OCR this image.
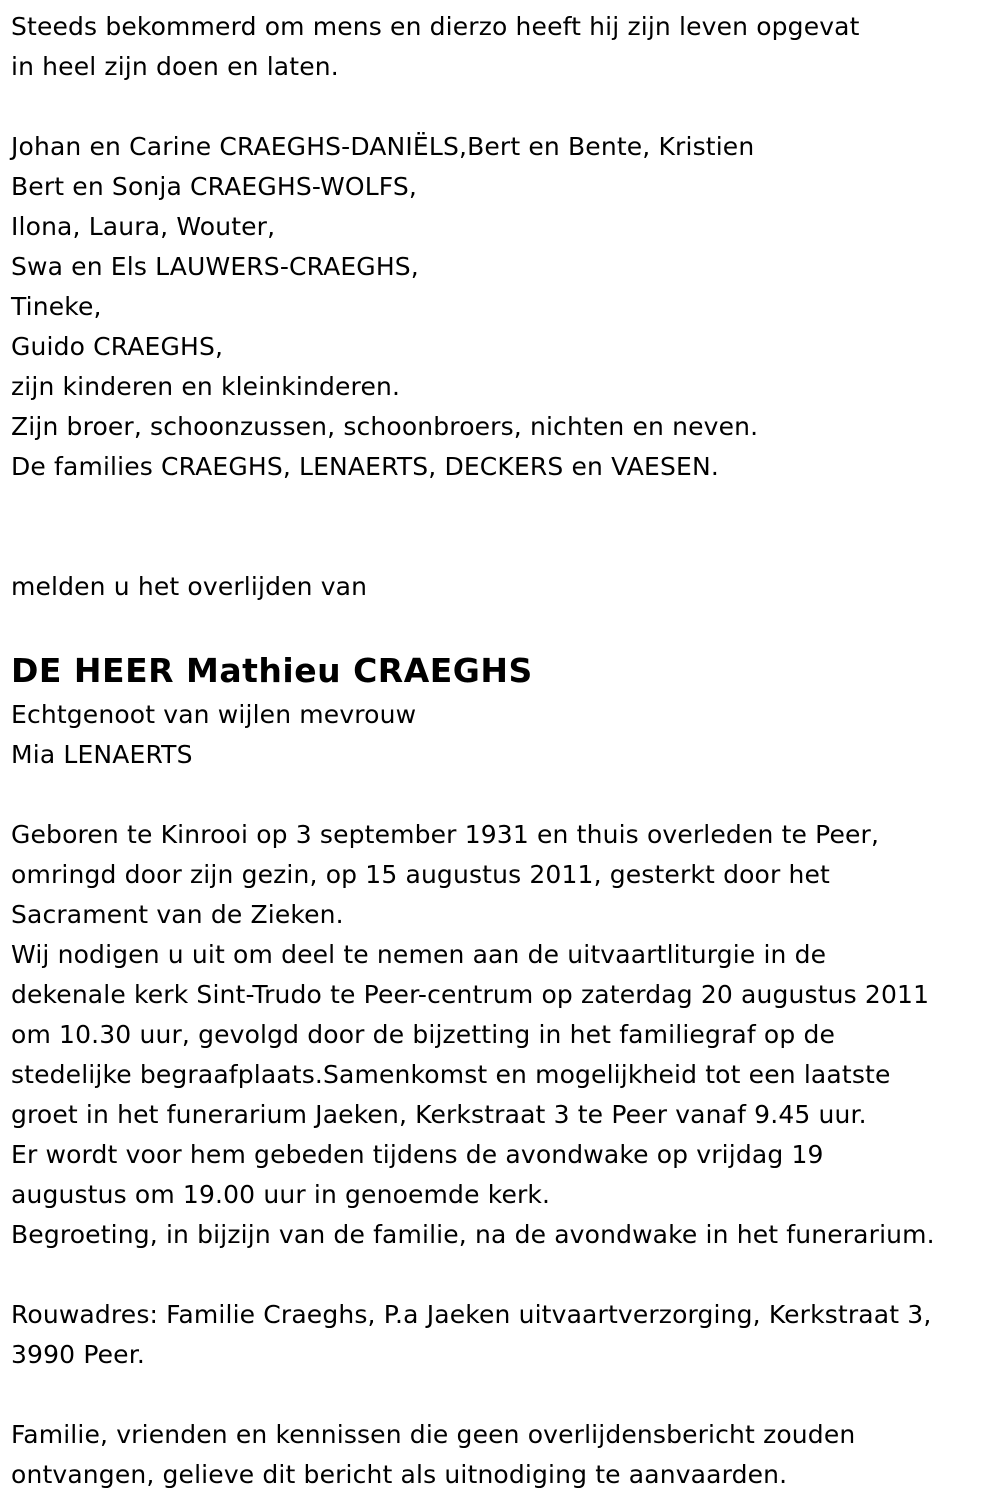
Steeds bekommerd om mens en dierzo heeft hij zijn leven opgevat
in heel zijn doen en laten.
Johan en Carine CRAEGHS-DANIËLS,Bert en Bente, Kristien
Bert en Sonja CRAEGHS-WOLFS,
Ilona, Laura, Wouter,
Swa en Els LAUWERS-CRAEGHS,
Tineke,
Guido CRAEGHS,
zijn kinderen en kleinkinderen.
Zijn broer, schoonzussen, schoonbroers, nichten en neven.
De families CRAEGHS, LENAERTS, DECKERS en VAESEN.
melden u het overlijden van
DE HEER Mathieu CRAEGHS
Echtgenoot van wijlen mevrouw
Mia LENAERTS
Geboren te Kinrooi op 3 september 1931 en thuis overleden te Peer,
omringd door zijn gezin, op 15 augustus 2011, gesterkt door het
Sacrament van de Zieken.
Wij nodigen u uit om deel te nemen aan de uitvaartliturgie in de
dekenale kerk Sint-Trudo te Peer-centrum op zaterdag 20 augustus 2011
om 10.30 uur, gevolgd door de bijzetting in het familiegraf op de
stedelijke begraafplaats.Samenkomst en mogelijkheid tot een laatste
groet in het funerarium Jaeken, Kerkstraat 3 te Peer vanaf 9.45 uur.
Er wordt voor hem gebeden tijdens de avondwake op vrijdag 19
augustus om 19.00 uur in genoemde kerk.
Begroeting, in bijzijn van de familie, na de avondwake in het funerarium.
Rouwadres: Familie Craeghs, P.a Jaeken uitvaartverzorging, Kerkstraat 3,
3990 Peer.
Familie, vrienden en kennissen die geen overlijdensbericht zouden
ontvangen, gelieve dit bericht als uitnodiging te aanvaarden.
